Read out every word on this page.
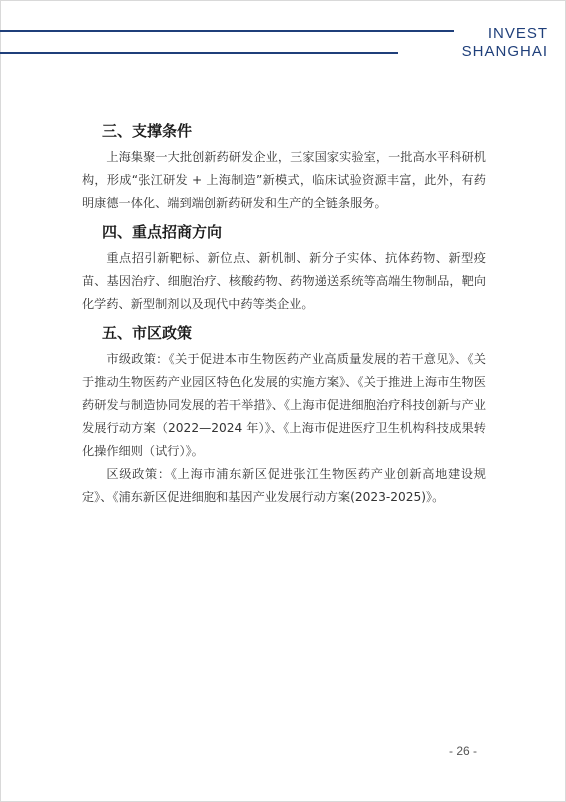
INVEST
SHANGHAI
三、支撑条件

上海集聚一大批创新药研发企业，三家国家实验室，一批高水平科研机构，形成“张江研发 + 上海制造”新模式，临床试验资源丰富，此外，有药明康德一体化、端到端创新药研发和生产的全链条服务。

四、重点招商方向

重点招引新靶标、新位点、新机制、新分子实体、抗体药物、新型疫苗、基因治疗、细胞治疗、核酸药物、药物递送系统等高端生物制品，靶向化学药、新型制剂以及现代中药等类企业。

五、市区政策

市级政策：《关于促进本市生物医药产业高质量发展的若干意见》、《关于推动生物医药产业园区特色化发展的实施方案》、《关于推进上海市生物医药研发与制造协同发展的若干举措》、《上海市促进细胞治疗科技创新与产业发展行动方案（2022—2024 年）》、《上海市促进医疗卫生机构科技成果转化操作细则（试行）》。

区级政策：《上海市浦东新区促进张江生物医药产业创新高地建设规定》、《浦东新区促进细胞和基因产业发展行动方案(2023-2025)》。

- 26 -
